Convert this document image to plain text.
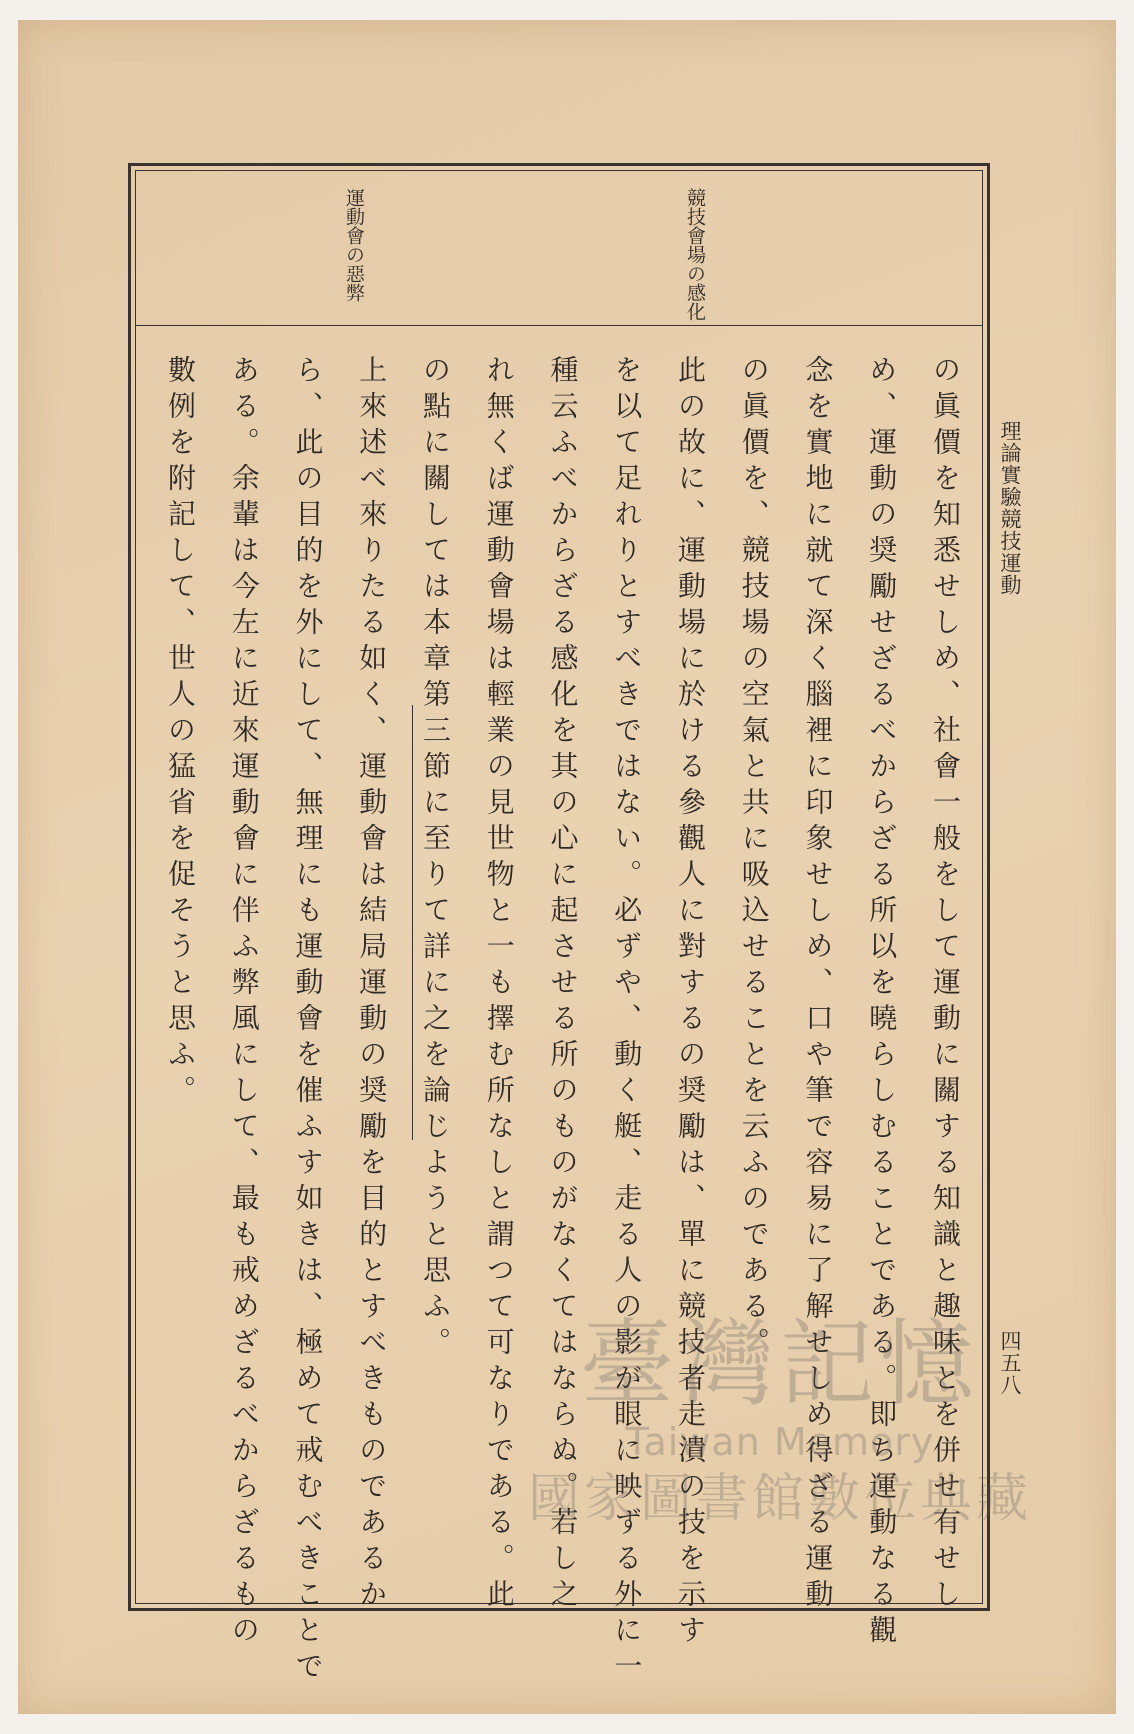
理論實驗競技運動
四五八
競技會場の感化
運動會の惡弊
の眞價を知悉せしめ、社會一般をして運動に關する知識と趣味とを併せ有せし
め、運動の奨勵せざるべからざる所以を曉らしむることである。即ち運動なる觀
念を實地に就て深く腦裡に印象せしめ、口や筆で容易に了解せしめ得ざる運動
の眞價を、競技場の空氣と共に吸込せることを云ふのである。
此の故に、運動場に於ける參觀人に對するの奨勵は、單に競技者走潰の技を示す
を以て足れりとすべきではない。必ずや、動く艇、走る人の影が眼に映ずる外に一
種云ふべからざる感化を其の心に起させる所のものがなくてはならぬ。若し之
れ無くば運動會場は輕業の見世物と一も擇む所なしと謂つて可なりである。此
の點に關しては本章第三節に至りて詳に之を論じようと思ふ。
上來述べ來りたる如く、運動會は結局運動の奨勵を目的とすべきものであるか
ら、此の目的を外にして、無理にも運動會を催ふす如きは、極めて戒むべきことで
ある。余輩は今左に近來運動會に伴ふ弊風にして、最も戒めざるべからざるもの
數例を附記して、世人の猛省を促そうと思ふ。
臺灣記憶
Taiwan Memory
國家圖書館數位典藏
